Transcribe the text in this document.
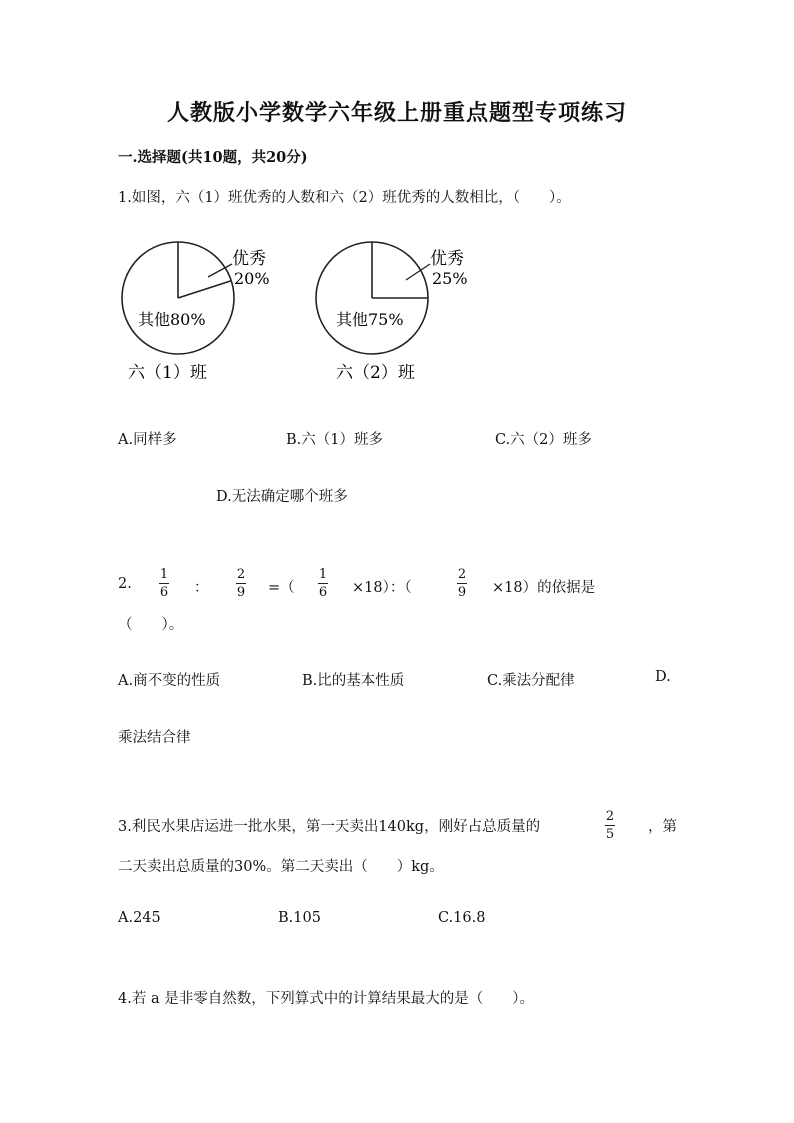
人教版小学数学六年级上册重点题型专项练习
一.选择题(共10题，共20分)
1.如图，六（1）班优秀的人数和六（2）班优秀的人数相比，（　　）。
优秀
20%
其他80%
六（1）班
优秀
25%
其他75%
六（2）班
A.同样多	B.六（1）班多	C.六（2）班多
D.无法确定哪个班多
2.
1
6 ：
2
9 =（
1
6 ×18）：（
2
9 ×18）的依据是
（　　）。
A.商不变的性质	B.比的基本性质	C.乘法分配律	D.
乘法结合律
3.利民水果店运进一批水果，第一天卖出140kg，刚好占总质量的
2
5 ，第
二天卖出总质量的30%。第二天卖出（　　）kg。
A.245	B.105	C.16.8
4.若 a 是非零自然数，下列算式中的计算结果最大的是（　　）。
